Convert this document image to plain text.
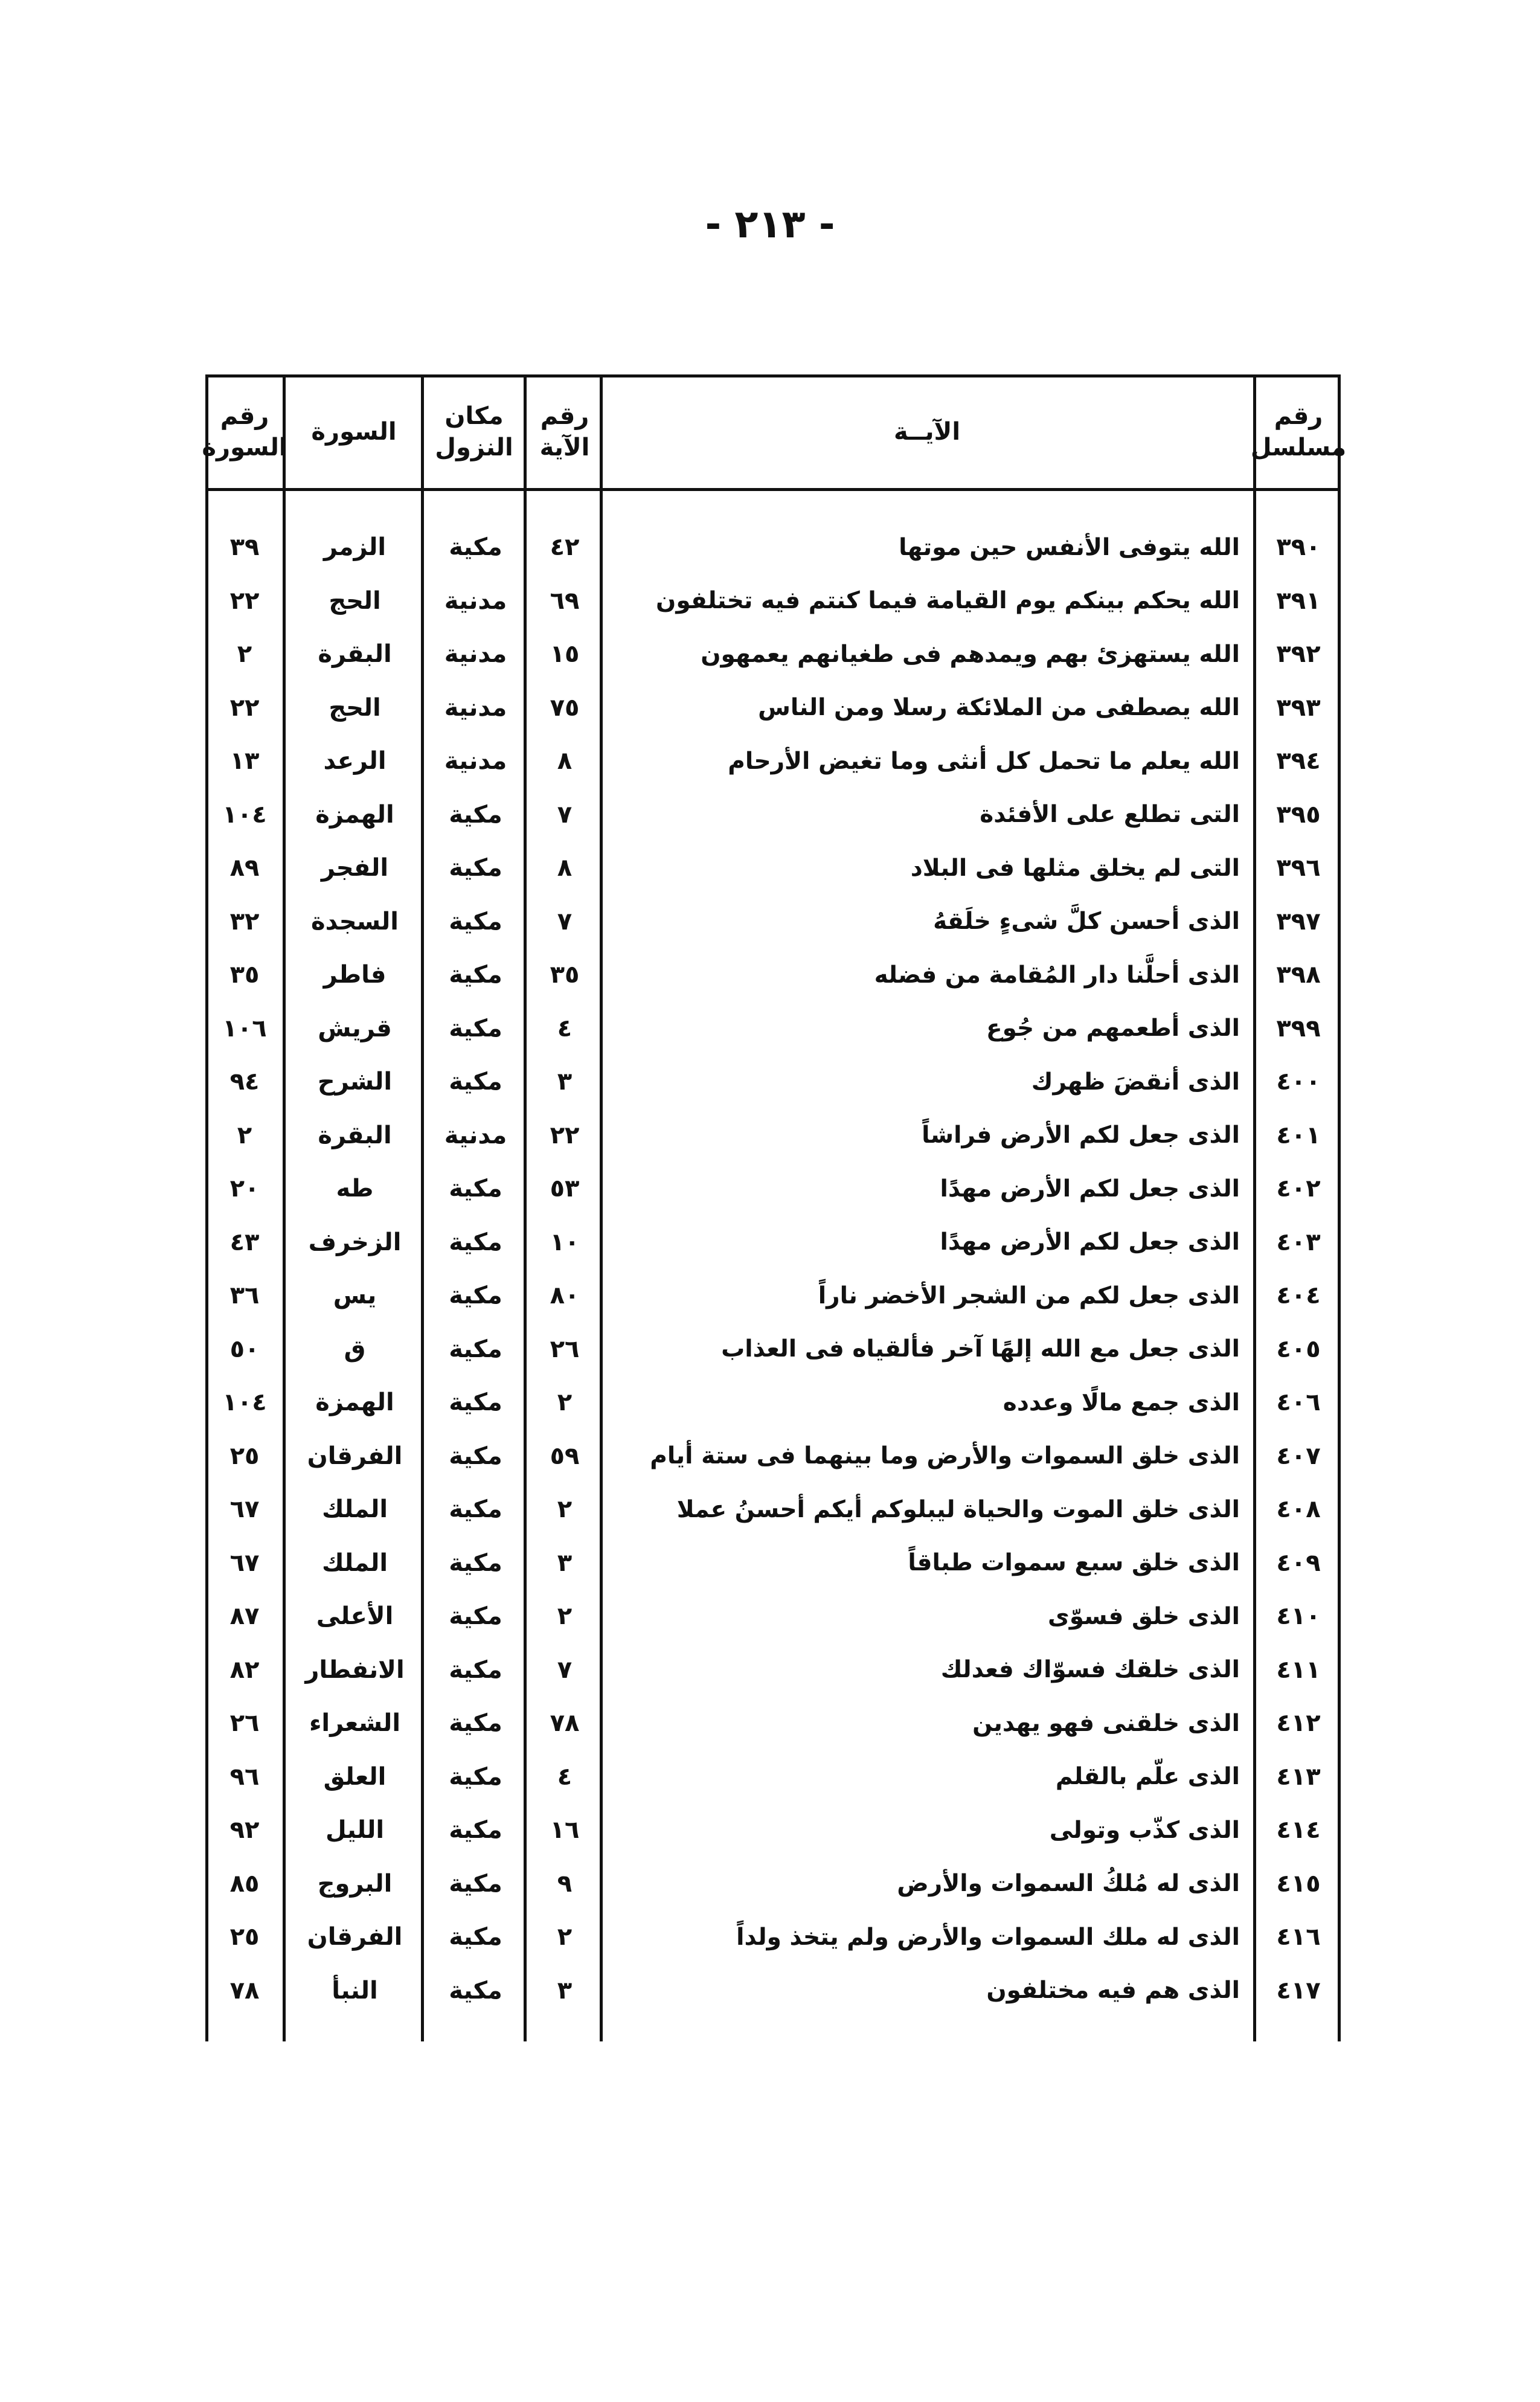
- ٢١٣ -
رقم
مسلسل
الآيــة
رقم
الآية
مكان
النزول
السورة
رقم
السورة
٣٩٠
الله يتوفى الأنفس حين موتها
٤٢
مكية
الزمر
٣٩
٣٩١
الله يحكم بينكم يوم القيامة فيما كنتم فيه تختلفون
٦٩
مدنية
الحج
٢٢
٣٩٢
الله يستهزئ بهم ويمدهم فى طغيانهم يعمهون
١٥
مدنية
البقرة
٢
٣٩٣
الله يصطفى من الملائكة رسلا ومن الناس
٧٥
مدنية
الحج
٢٢
٣٩٤
الله يعلم ما تحمل كل أنثى وما تغيض الأرحام
٨
مدنية
الرعد
١٣
٣٩٥
التى تطلع على الأفئدة
٧
مكية
الهمزة
١٠٤
٣٩٦
التى لم يخلق مثلها فى البلاد
٨
مكية
الفجر
٨٩
٣٩٧
الذى أحسن كلَّ شىءٍ خلَقهُ
٧
مكية
السجدة
٣٢
٣٩٨
الذى أحلَّنا دار المُقامة من فضله
٣٥
مكية
فاطر
٣٥
٣٩٩
الذى أطعمهم من جُوع
٤
مكية
قريش
١٠٦
٤٠٠
الذى أنقضَ ظهرك
٣
مكية
الشرح
٩٤
٤٠١
الذى جعل لكم الأرض فراشاً
٢٢
مدنية
البقرة
٢
٤٠٢
الذى جعل لكم الأرض مهدًا
٥٣
مكية
طه
٢٠
٤٠٣
الذى جعل لكم الأرض مهدًا
١٠
مكية
الزخرف
٤٣
٤٠٤
الذى جعل لكم من الشجر الأخضر ناراً
٨٠
مكية
يس
٣٦
٤٠٥
الذى جعل مع الله إلهًا آخر فألقياه فى العذاب
٢٦
مكية
ق
٥٠
٤٠٦
الذى جمع مالًا وعدده
٢
مكية
الهمزة
١٠٤
٤٠٧
الذى خلق السموات والأرض وما بينهما فى ستة أيام
٥٩
مكية
الفرقان
٢٥
٤٠٨
الذى خلق الموت والحياة ليبلوكم أيكم أحسنُ عملا
٢
مكية
الملك
٦٧
٤٠٩
الذى خلق سبع سموات طباقاً
٣
مكية
الملك
٦٧
٤١٠
الذى خلق فسوّى
٢
مكية
الأعلى
٨٧
٤١١
الذى خلقك فسوّاك فعدلك
٧
مكية
الانفطار
٨٢
٤١٢
الذى خلقنى فهو يهدين
٧٨
مكية
الشعراء
٢٦
٤١٣
الذى علّم بالقلم
٤
مكية
العلق
٩٦
٤١٤
الذى كذّب وتولى
١٦
مكية
الليل
٩٢
٤١٥
الذى له مُلكُ السموات والأرض
٩
مكية
البروج
٨٥
٤١٦
الذى له ملك السموات والأرض ولم يتخذ ولداً
٢
مكية
الفرقان
٢٥
٤١٧
الذى هم فيه مختلفون
٣
مكية
النبأ
٧٨
